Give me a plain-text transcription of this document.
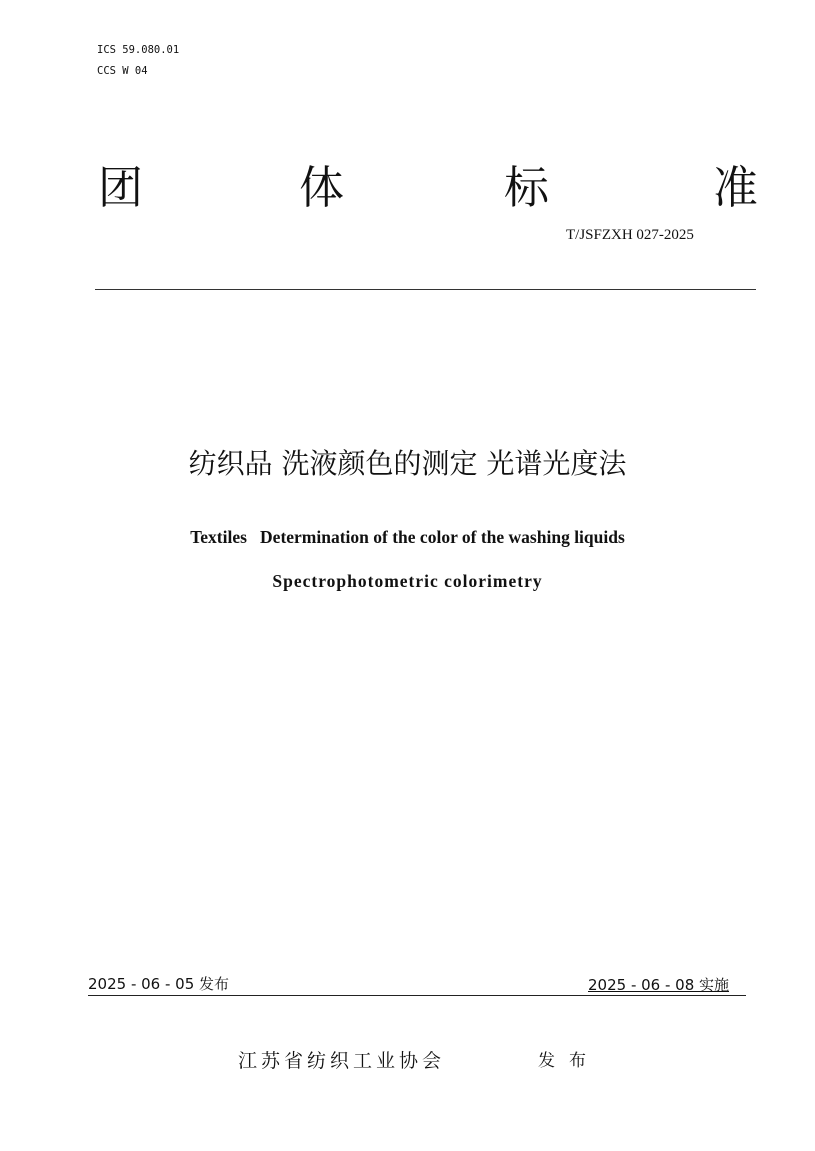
ICS 59.080.01
CCS W 04
团	体	标	准
T/JSFZXH 027-2025
纺织品 洗液颜色的测定 光谱光度法
Textiles   Determination of the color of the washing liquids
Spectrophotometric colorimetry
2025 - 06 - 05 发布	2025 - 06 - 08 实施
江苏省纺织工业协会	发布
